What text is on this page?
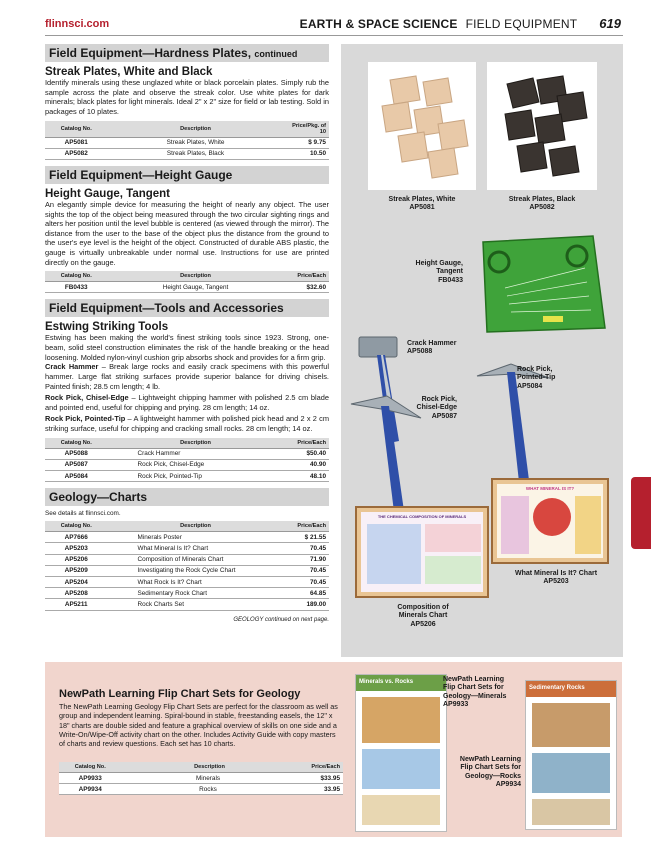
flinnsci.com	EARTH & SPACE SCIENCE FIELD EQUIPMENT 619
Field Equipment—Hardness Plates, continued
Streak Plates, White and Black
Identify minerals using these unglazed white or black porcelain plates. Simply rub the sample across the plate and observe the streak color. Use white plates for dark minerals; black plates for light minerals. Ideal 2" x 2" size for field or lab testing. Sold in packages of 10 plates.
Catalog No.	Description	Price/Pkg. of 10
AP5081	Streak Plates, White	$ 9.75
AP5082	Streak Plates, Black	10.50
Field Equipment—Height Gauge
Height Gauge, Tangent
An elegantly simple device for measuring the height of nearly any object. The user sights the top of the object being measured through the two circular sighting rings and alters her position until the level bubble is centered (as viewed through the mirror). The distance from the user to the base of the object plus the distance from the ground to the user's eye level is the height of the object. Constructed of durable ABS plastic, the gauge is virtually unbreakable under normal use. Instructions for use are printed directly on the gauge.
Catalog No.	Description	Price/Each
FB0433	Height Gauge, Tangent	$32.60
Field Equipment—Tools and Accessories
Estwing Striking Tools
Estwing has been making the world's finest striking tools since 1923. Strong, one-beam, solid steel construction eliminates the risk of the handle breaking or the head loosening. Molded nylon-vinyl cushion grip absorbs shock and provides for a firm grip.
Crack Hammer – Break large rocks and easily crack specimens with this powerful hammer. Large flat striking surfaces provide superior balance for driving chisels. Painted finish; 28.5 cm length; 4 lb.
Rock Pick, Chisel-Edge – Lightweight chipping hammer with polished 2.5 cm blade and pointed end, useful for chipping and prying. 28 cm length; 14 oz.
Rock Pick, Pointed-Tip – A lightweight hammer with polished pick head and 2 x 2 cm striking surface, useful for chipping and cracking small rocks. 28 cm length; 14 oz.
Catalog No.	Description	Price/Each
AP5088	Crack Hammer	$50.40
AP5087	Rock Pick, Chisel-Edge	40.90
AP5084	Rock Pick, Pointed-Tip	48.10
Geology—Charts
See details at flinnsci.com.
Catalog No.	Description	Price/Each
AP7666	Minerals Poster	$ 21.55
AP5203	What Mineral Is It? Chart	70.45
AP5206	Composition of Minerals Chart	71.90
AP5209	Investigating the Rock Cycle Chart	70.45
AP5204	What Rock Is It? Chart	70.45
AP5208	Sedimentary Rock Chart	64.85
AP5211	Rock Charts Set	189.00
GEOLOGY continued on next page.
Streak Plates, White
AP5081
Streak Plates, Black
AP5082
Height Gauge,
Tangent
FB0433
Crack Hammer
AP5088
Rock Pick,
Chisel-Edge
AP5087
Rock Pick,
Pointed-Tip
AP5084
THE CHEMICAL COMPOSITION OF MINERALS
Composition of
Minerals Chart
AP5206
WHAT MINERAL IS IT?
What Mineral Is It? Chart
AP5203
NewPath Learning Flip Chart Sets for Geology
The NewPath Learning Geology Flip Chart Sets are perfect for the classroom as well as group and independent learning. Spiral-bound in stable, freestanding easels, the 12" x 18" charts are double sided and feature a graphical overview of skills on one side and a Write-On/Wipe-Off activity chart on the other. Includes Activity Guide with copy masters of charts and review questions. Each set has 10 charts.
Catalog No.	Description	Price/Each
AP9933	Minerals	$33.95
AP9934	Rocks	33.95
Minerals vs. Rocks	NewPath Learning
Flip Chart Sets for
Geology—Minerals
AP9933
Sedimentary Rocks
NewPath Learning
Flip Chart Sets for
Geology—Rocks
AP9934
